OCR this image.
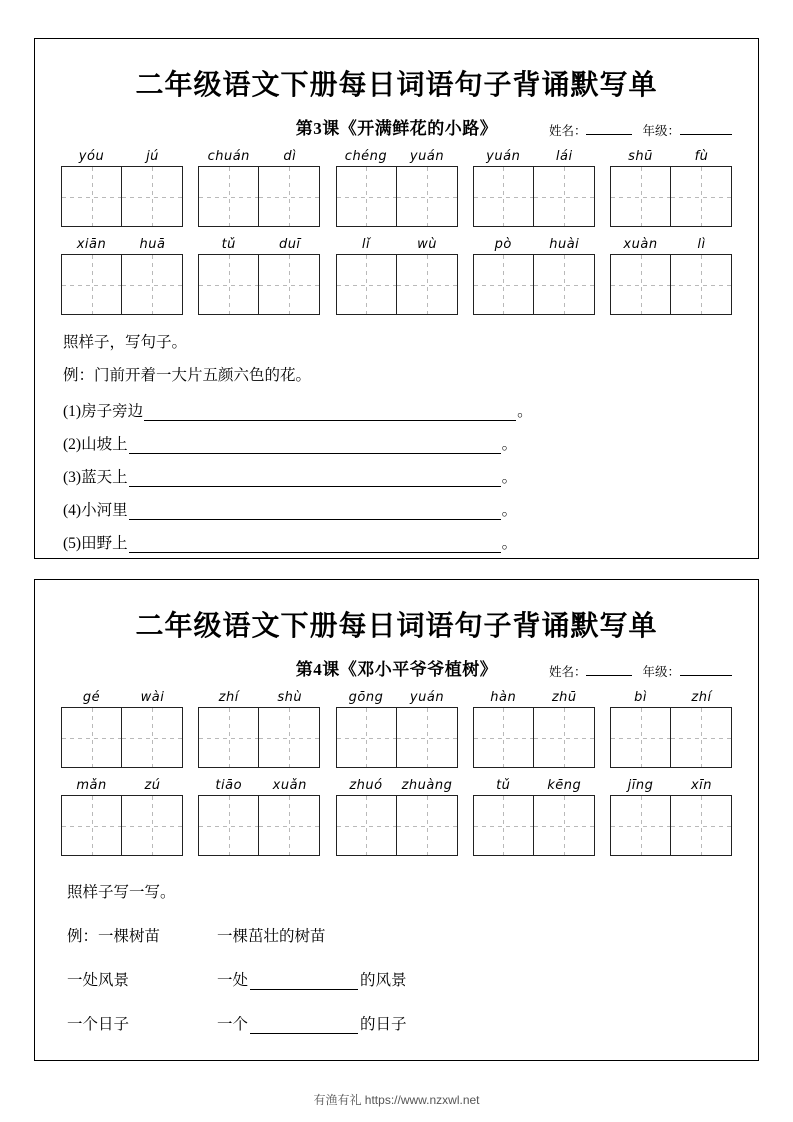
二年级语文下册每日词语句子背诵默写单
第3课《开满鲜花的小路》	姓名：	年级：
yóu	jú	chuán	dì	chéng	yuán	yuán	lái	shū	fù
xiān	huā	tǔ	duī	lǐ	wù	pò	huài	xuàn	lì
照样子，写句子。
例：门前开着一大片五颜六色的花。
(1)房子旁边	。
(2)山坡上	。
(3)蓝天上	。
(4)小河里	。
(5)田野上	。
二年级语文下册每日词语句子背诵默写单
第4课《邓小平爷爷植树》	姓名：	年级：
gé	wài	zhí	shù	gōng	yuán	hàn	zhū	bì	zhí
mǎn	zú	tiāo	xuǎn	zhuó	zhuàng	tǔ	kēng	jīng	xīn
照样子写一写。
例：一棵树苗	一棵茁壮的树苗
一处风景	一处	的风景
一个日子	一个	的日子
有渔有礼 https://www.nzxwl.net
